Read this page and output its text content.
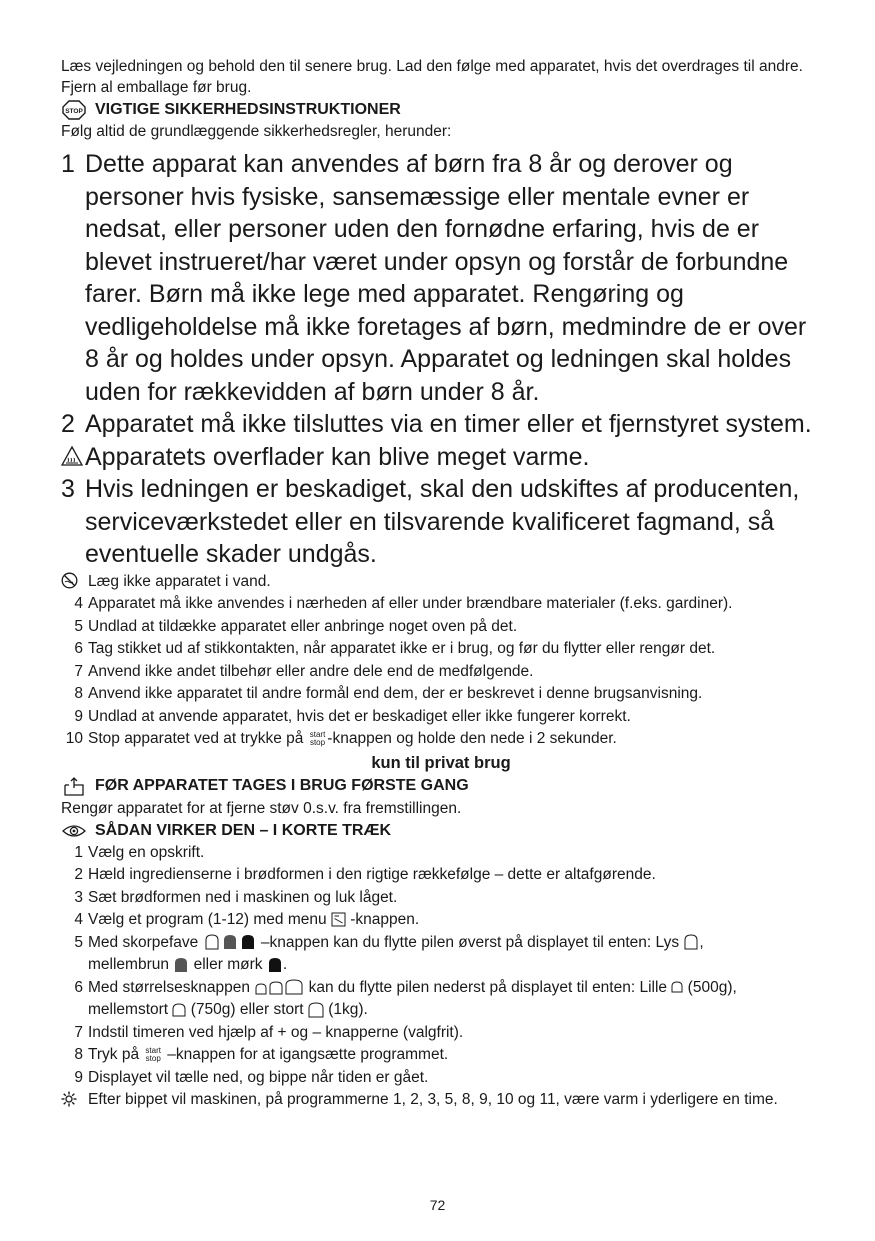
Læs vejledningen og behold den til senere brug. Lad den følge med apparatet, hvis det overdrages til andre. Fjern al emballage før brug.
STOP VIGTIGE SIKKERHEDSINSTRUKTIONER
Følg altid de grundlæggende sikkerhedsregler, herunder:
1 Dette apparat kan anvendes af børn fra 8 år og derover og personer hvis fysiske, sansemæssige eller mentale evner er nedsat, eller personer uden den fornødne erfaring, hvis de er blevet instrueret/har været under opsyn og forstår de forbundne farer. Børn må ikke lege med apparatet. Rengøring og vedligeholdelse må ikke foretages af børn, medmindre de er over 8 år og holdes under opsyn. Apparatet og ledningen skal holdes uden for rækkevidden af børn under 8 år.
2 Apparatet må ikke tilsluttes via en timer eller et fjernstyret system.
Apparatets overflader kan blive meget varme.
3 Hvis ledningen er beskadiget, skal den udskiftes af producenten, serviceværkstedet eller en tilsvarende kvalificeret fagmand, så eventuelle skader undgås.
Læg ikke apparatet i vand.
4 Apparatet må ikke anvendes i nærheden af eller under brændbare materialer (f.eks. gardiner).
5 Undlad at tildække apparatet eller anbringe noget oven på det.
6 Tag stikket ud af stikkontakten, når apparatet ikke er i brug, og før du flytter eller rengør det.
7 Anvend ikke andet tilbehør eller andre dele end de medfølgende.
8 Anvend ikke apparatet til andre formål end dem, der er beskrevet i denne brugsanvisning.
9 Undlad at anvende apparatet, hvis det er beskadiget eller ikke fungerer korrekt.
10 Stop apparatet ved at trykke på start
stop -knappen og holde den nede i 2 sekunder.
kun til privat brug
FØR APPARATET TAGES I BRUG FØRSTE GANG
Rengør apparatet for at fjerne støv 0.s.v. fra fremstillingen.
SÅDAN VIRKER DEN – I KORTE TRÆK
1 Vælg en opskrift.
2 Hæld ingredienserne i brødformen i den rigtige rækkefølge – dette er altafgørende.
3 Sæt brødformen ned i maskinen og luk låget.
4 Vælg et program (1-12) med menu -knappen.
5 Med skorpefave	–knappen kan du flytte pilen øverst på displayet til enten: Lys ,
mellembrun eller mørk .
6 Med størrelsesknappen	kan du flytte pilen nederst på displayet til enten: Lille (500g),
mellemstort (750g) eller stort (1kg).
7 Indstil timeren ved hjælp af + og – knapperne (valgfrit).
8 Tryk på start
stop –knappen for at igangsætte programmet.
9 Displayet vil tælle ned, og bippe når tiden er gået.
Efter bippet vil maskinen, på programmerne 1, 2, 3, 5, 8, 9, 10 og 11, være varm i yderligere en time.
72
